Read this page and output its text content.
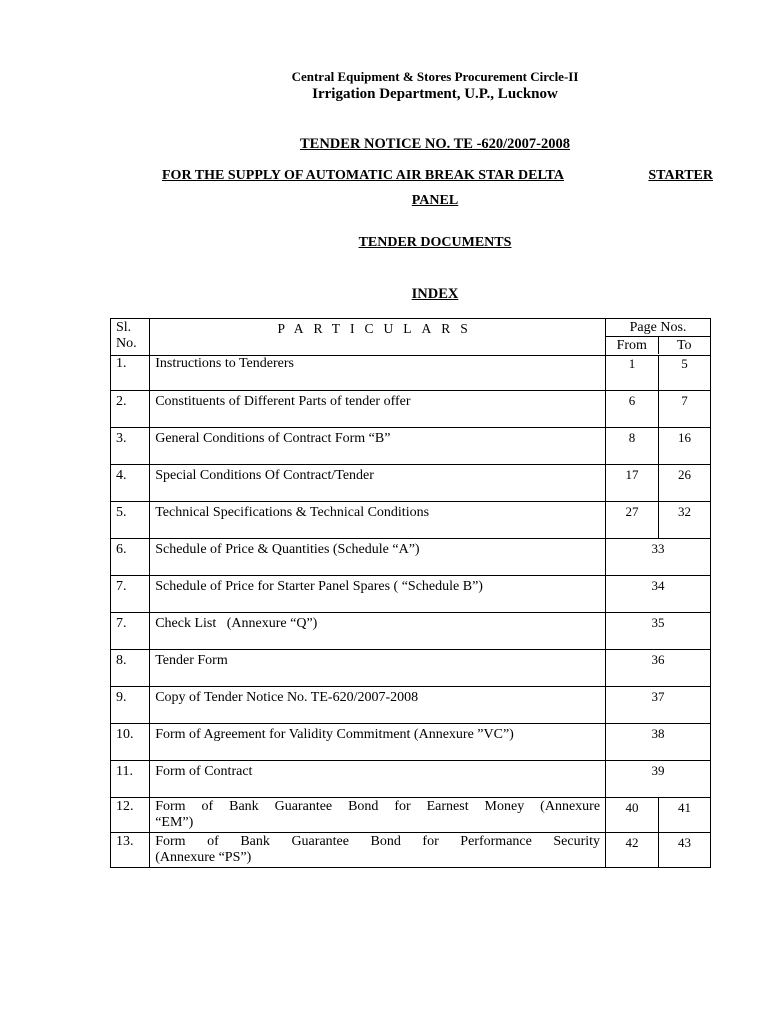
Central Equipment & Stores Procurement Circle-II
Irrigation Department, U.P., Lucknow
TENDER NOTICE NO. TE -620/2007-2008
FOR THE SUPPLY OF AUTOMATIC AIR BREAK STAR DELTA	STARTER
PANEL
TENDER DOCUMENTS
INDEX
Sl.
No.	PARTICULARS	Page Nos.
From To	

1.	Instructions to Tenderers	1	5
2.	Constituents of Different Parts of tender offer	6	7
3.	General Conditions of Contract Form “B”	8	16
4.	Special Conditions Of Contract/Tender	17	26
5.	Technical Specifications & Technical Conditions	27	32
6.	Schedule of Price & Quantities (Schedule “A”)	33	
7.	Schedule of Price for Starter Panel Spares ( “Schedule B”)	34	
7.	Check List   (Annexure “Q”)	35	
8.	Tender Form	36	
9.	Copy of Tender Notice No. TE-620/2007-2008	37	
10.	Form of Agreement for Validity Commitment (Annexure ”VC”)	38	
11.	Form of Contract	39	
12.	Form of Bank Guarantee Bond for Earnest Money (Annexure
“EM”)	40	41
13.	Form of Bank Guarantee Bond for Performance Security
(Annexure “PS”)	42	43
